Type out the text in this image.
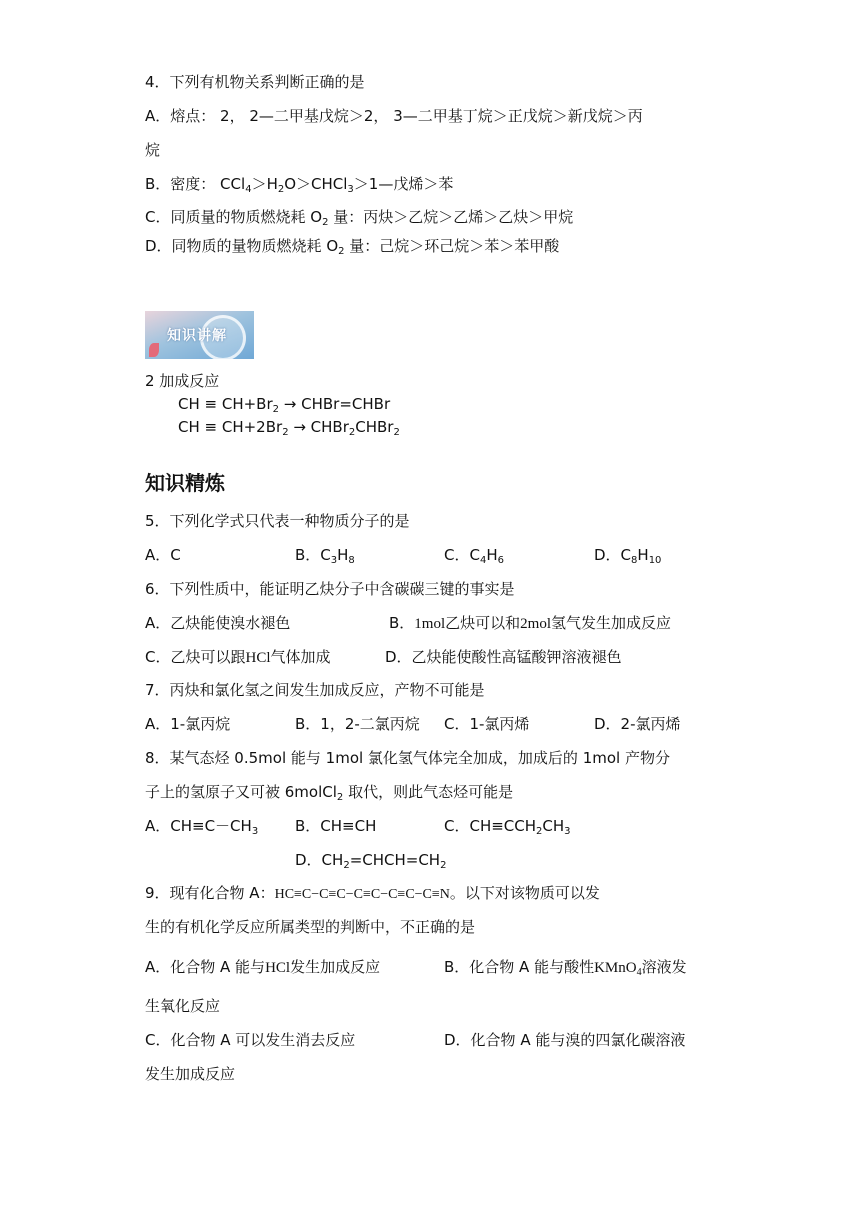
4．下列有机物关系判断正确的是
A．熔点： 2， 2—二甲基戊烷＞2， 3—二甲基丁烷＞正戊烷＞新戊烷＞丙
烷
B．密度： $CCl_4>H_2O>CHCl_3>1—$戊烯＞苯
C．同质量的物质燃烧耗 $O_2$ 量：丙炔＞乙烷＞乙烯＞乙炔＞甲烷
D．同物质的量物质燃烧耗 $O_2$ 量：己烷＞环己烷＞苯＞苯甲酸
知识讲解
2 加成反应
CH ≡ $CH+Br_2$ → CHBr=CHBr
CH ≡ $CH+2Br_2$ → CHBr$_2$CHBr$_2$
知识精炼
5．下列化学式只代表一种物质分子的是
A．C	B．$C_3H_8$	C．$C_4H_6$	D．$C_8H_{10}$
6．下列性质中，能证明乙炔分子中含碳碳三键的事实是
A．乙炔能使溴水褪色	B．1mol乙炔可以和2mol氢气发生加成反应
C．乙炔可以跟HCl气体加成	D．乙炔能使酸性高锰酸钾溶液褪色
7．丙炔和氯化氢之间发生加成反应，产物不可能是
A．1-氯丙烷	B．1，2-二氯丙烷 C．1-氯丙烯	D．2-氯丙烯
8．某气态烃 0.5mol 能与 1mol 氯化氢气体完全加成，加成后的 1mol 产物分
子上的氢原子又可被 6molCl$_2$ 取代，则此气态烃可能是
A．$CH\equiv C-CH_3$ B．CH≡CH	C．$CH\equiv CCH_2CH_3$
D．$CH_2=CHCH=CH_2$
9．现有化合物 A：HC≡C−C≡C−C≡C−C≡C−C≡N。以下对该物质可以发
生的有机化学反应所属类型的判断中，不正确的是
A．化合物 A 能与HCl发生加成反应	B．化合物 A 能与酸性KMnO$_4$溶液发
生氧化反应
C．化合物 A 可以发生消去反应	D．化合物 A 能与溴的四氯化碳溶液
发生加成反应
